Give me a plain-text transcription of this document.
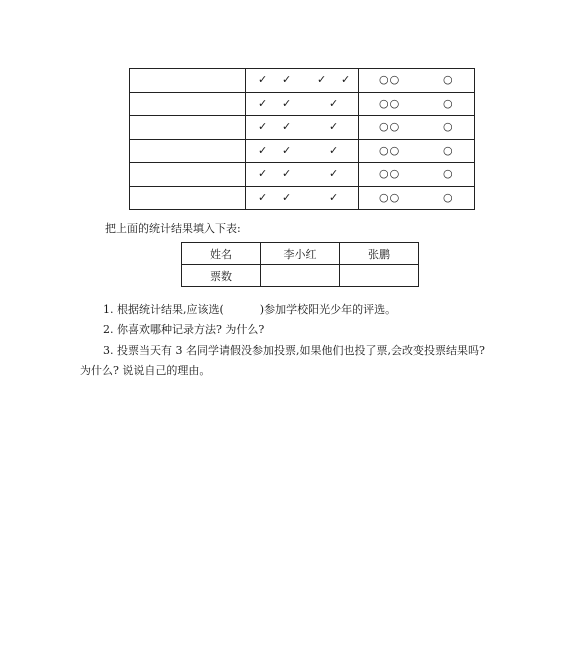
	✓ ✓ ✓ ✓	○○ ○

	✓ ✓ ✓	○○ ○

	✓ ✓ ✓	○○ ○

	✓ ✓ ✓	○○ ○

	✓ ✓ ✓	○○ ○

	✓ ✓ ✓	○○ ○
把上面的统计结果填入下表:
姓名	李小红	张鹏
票数		
1. 根据统计结果,应该选(	)参加学校阳光少年的评选。
2. 你喜欢哪种记录方法? 为什么?
3. 投票当天有 3 名同学请假没参加投票,如果他们也投了票,会改变投票结果吗?
为什么? 说说自己的理由。
